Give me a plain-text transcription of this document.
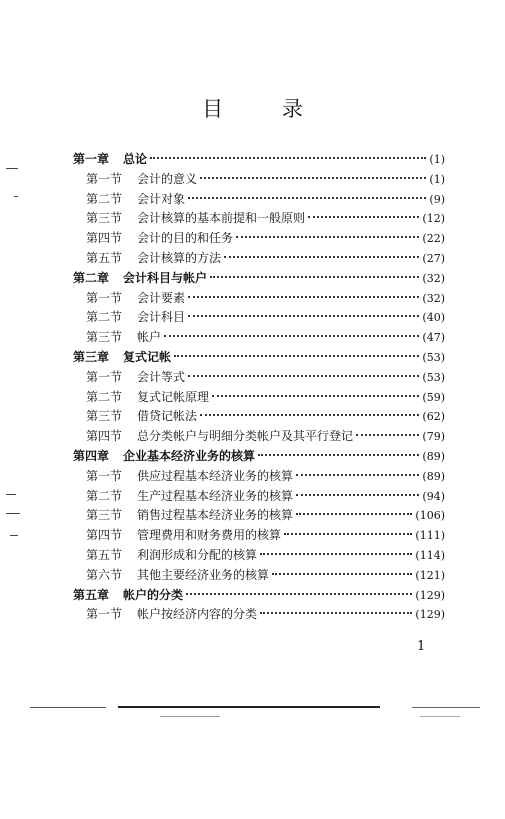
目 录
第一章	总论	(1)
第一节	会计的意义	(1)
第二节	会计对象	(9)
第三节	会计核算的基本前提和一般原则	(12)
第四节	会计的目的和任务	(22)
第五节	会计核算的方法	(27)
第二章	会计科目与帐户	(32)
第一节	会计要素	(32)
第二节	会计科目	(40)
第三节	帐户	(47)
第三章	复式记帐	(53)
第一节	会计等式	(53)
第二节	复式记帐原理	(59)
第三节	借贷记帐法	(62)
第四节	总分类帐户与明细分类帐户及其平行登记	(79)
第四章	企业基本经济业务的核算	(89)
第一节	供应过程基本经济业务的核算	(89)
第二节	生产过程基本经济业务的核算	(94)
第三节	销售过程基本经济业务的核算	(106)
第四节	管理费用和财务费用的核算	(111)
第五节	利润形成和分配的核算	(114)
第六节	其他主要经济业务的核算	(121)
第五章	帐户的分类	(129)
第一节	帐户按经济内容的分类	(129)
1
